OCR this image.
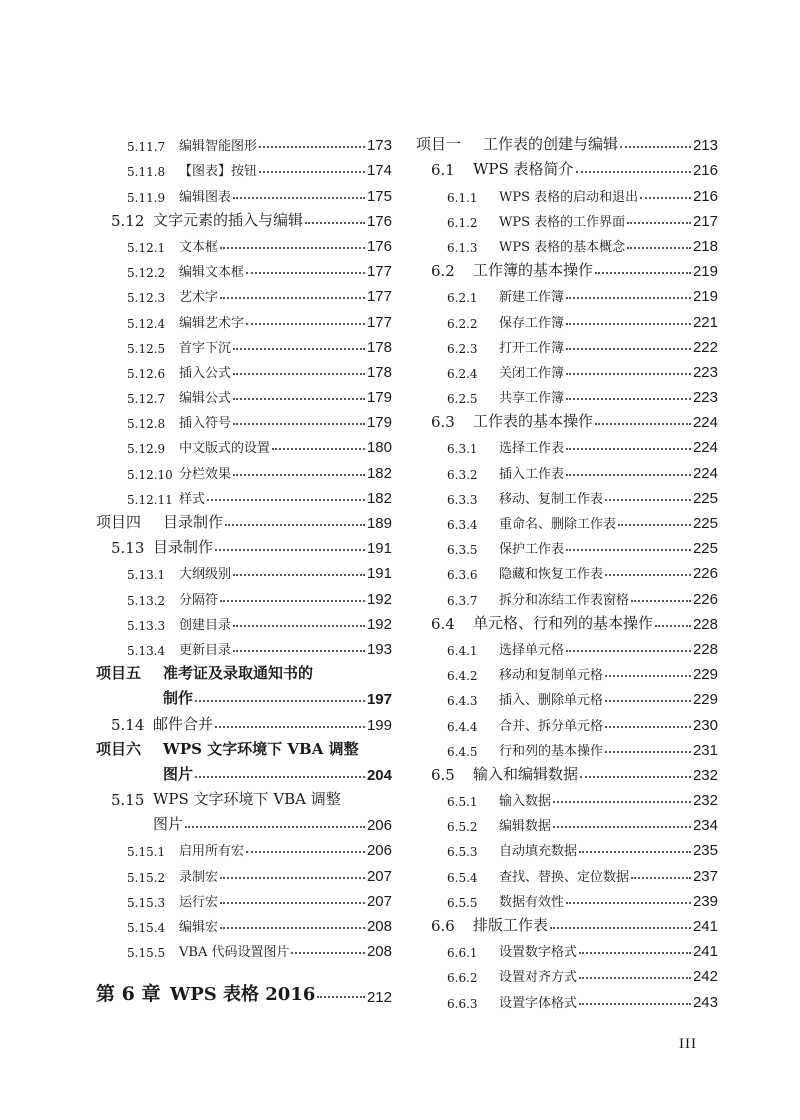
5.11.7	编辑智能图形	173
5.11.8	【图表】按钮	174
5.11.9	编辑图表	175
5.12 文字元素的插入与编辑	176
5.12.1	文本框	176
5.12.2	编辑文本框	177
5.12.3	艺术字	177
5.12.4	编辑艺术字	177
5.12.5	首字下沉	178
5.12.6	插入公式	178
5.12.7	编辑公式	179
5.12.8	插入符号	179
5.12.9	中文版式的设置	180
5.12.10 分栏效果	182
5.12.11 样式	182
项目四	目录制作	189
5.13 目录制作	191
5.13.1	大纲级别	191
5.13.2	分隔符	192
5.13.3	创建目录	192
5.13.4	更新目录	193
项目五	准考证及录取通知书的
制作	197
5.14 邮件合并	199
项目六	WPS 文字环境下 VBA 调整
图片	204
5.15 WPS 文字环境下 VBA 调整
图片	206
5.15.1	启用所有宏	206
5.15.2	录制宏	207
5.15.3	运行宏	207
5.15.4	编辑宏	208
5.15.5	VBA 代码设置图片	208
第 6 章 WPS 表格 2016	212
项目一	工作表的创建与编辑	213
6.1	WPS 表格简介	216
6.1.1	WPS 表格的启动和退出	216
6.1.2	WPS 表格的工作界面	217
6.1.3	WPS 表格的基本概念	218
6.2	工作簿的基本操作	219
6.2.1	新建工作簿	219
6.2.2	保存工作簿	221
6.2.3	打开工作簿	222
6.2.4	关闭工作簿	223
6.2.5	共享工作簿	223
6.3	工作表的基本操作	224
6.3.1	选择工作表	224
6.3.2	插入工作表	224
6.3.3	移动、复制工作表	225
6.3.4	重命名、删除工作表	225
6.3.5	保护工作表	225
6.3.6	隐藏和恢复工作表	226
6.3.7	拆分和冻结工作表窗格	226
6.4	单元格、行和列的基本操作	228
6.4.1	选择单元格	228
6.4.2	移动和复制单元格	229
6.4.3	插入、删除单元格	229
6.4.4	合并、拆分单元格	230
6.4.5	行和列的基本操作	231
6.5	输入和编辑数据	232
6.5.1	输入数据	232
6.5.2	编辑数据	234
6.5.3	自动填充数据	235
6.5.4	查找、替换、定位数据	237
6.5.5	数据有效性	239
6.6	排版工作表	241
6.6.1	设置数字格式	241
6.6.2	设置对齐方式	242
6.6.3	设置字体格式	243
III
